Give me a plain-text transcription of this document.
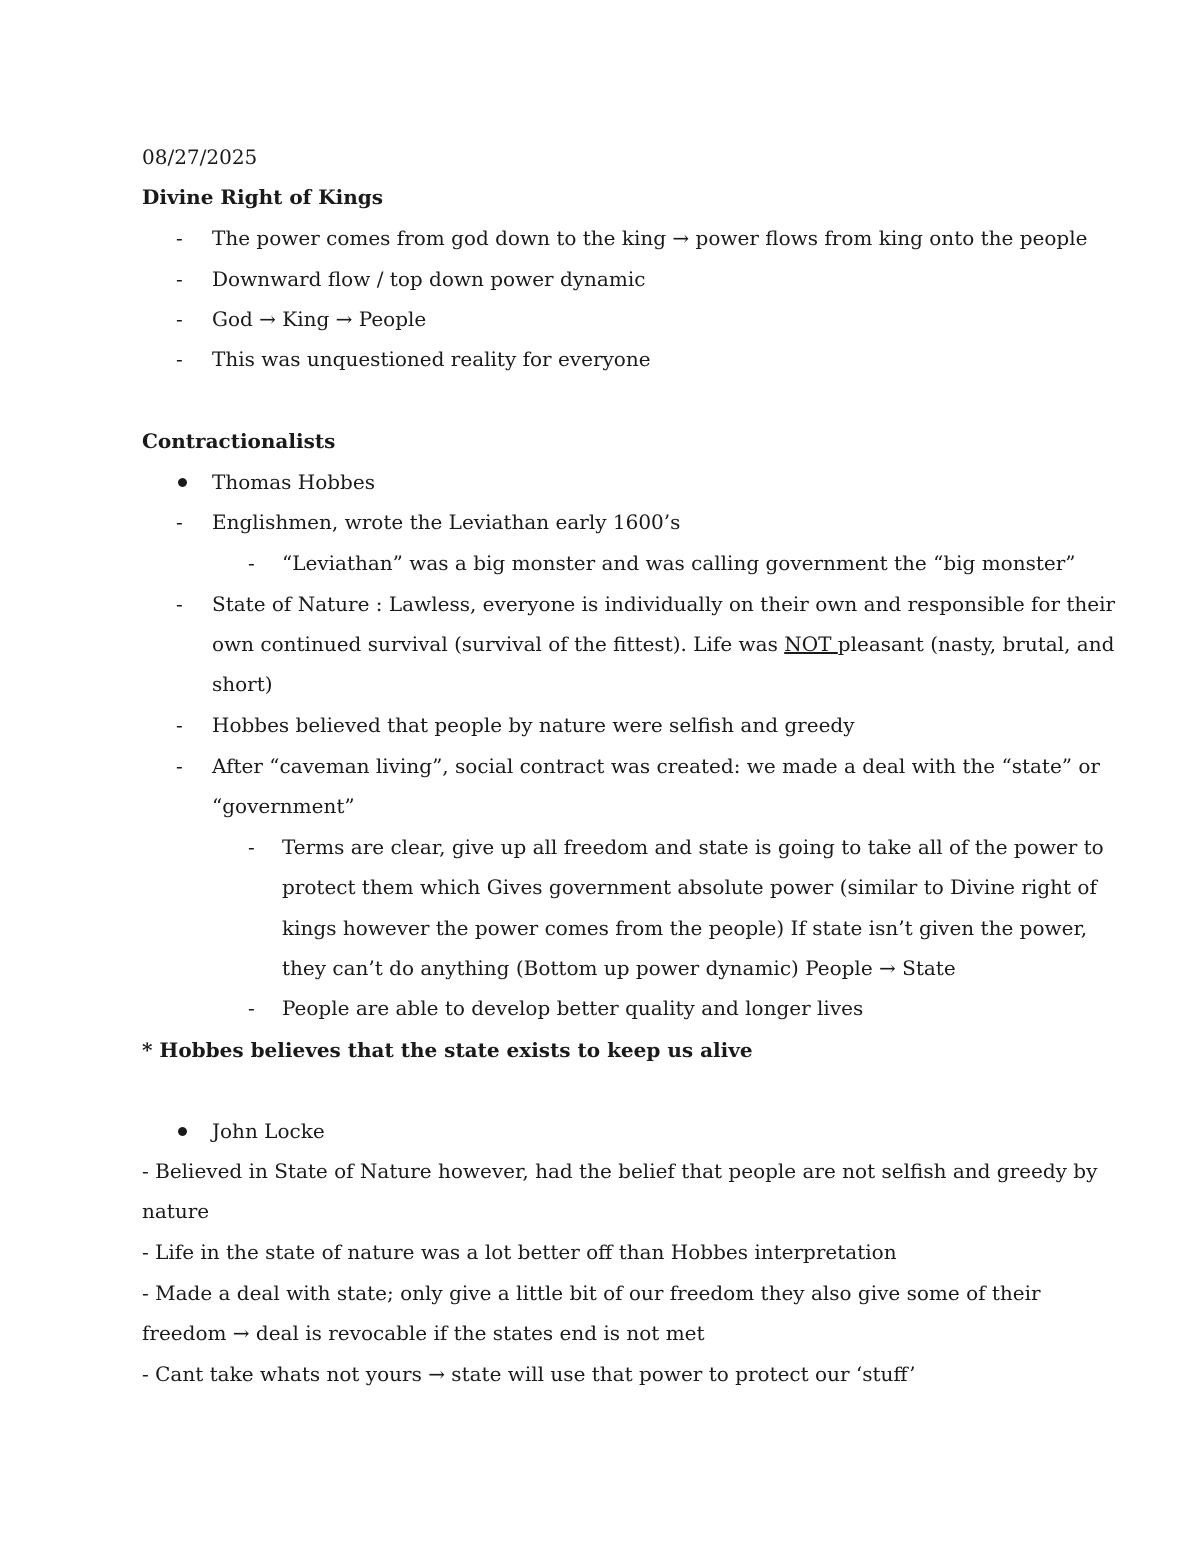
08/27/2025
Divine Right of Kings
- The power comes from god down to the king → power flows from king onto the people
- Downward flow / top down power dynamic
- God → King → People
- This was unquestioned reality for everyone
Contractionalists
Thomas Hobbes
- Englishmen, wrote the Leviathan early 1600’s
- “Leviathan” was a big monster and was calling government the “big monster”
- State of Nature : Lawless, everyone is individually on their own and responsible for their
own continued survival (survival of the fittest). Life was NOT pleasant (nasty, brutal, and
short)
- Hobbes believed that people by nature were selfish and greedy
- After “caveman living”, social contract was created: we made a deal with the “state” or
“government”
- Terms are clear, give up all freedom and state is going to take all of the power to
protect them which Gives government absolute power (similar to Divine right of
kings however the power comes from the people) If state isn’t given the power,
they can’t do anything (Bottom up power dynamic) People → State
- People are able to develop better quality and longer lives
* Hobbes believes that the state exists to keep us alive
John Locke
- Believed in State of Nature however, had the belief that people are not selfish and greedy by
nature
- Life in the state of nature was a lot better off than Hobbes interpretation
- Made a deal with state; only give a little bit of our freedom they also give some of their
freedom → deal is revocable if the states end is not met
- Cant take whats not yours → state will use that power to protect our ‘stuff’
